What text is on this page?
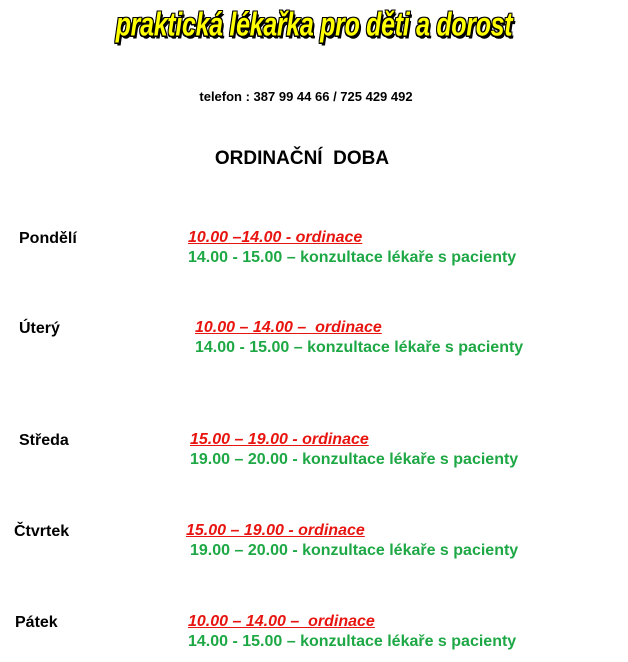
praktická lékařka pro děti a dorost
telefon : 387 99 44 66 / 725 429 492
ORDINAČNÍ  DOBA
Pondělí	10.00 –14.00 - ordinace
14.00 - 15.00 – konzultace lékaře s pacienty
Úterý	10.00 – 14.00 –  ordinace
14.00 - 15.00 – konzultace lékaře s pacienty
Středa	15.00 – 19.00 - ordinace
19.00 – 20.00 - konzultace lékaře s pacienty
Čtvrtek	15.00 – 19.00 - ordinace
19.00 – 20.00 - konzultace lékaře s pacienty
Pátek	10.00 – 14.00 –  ordinace
14.00 - 15.00 – konzultace lékaře s pacienty
